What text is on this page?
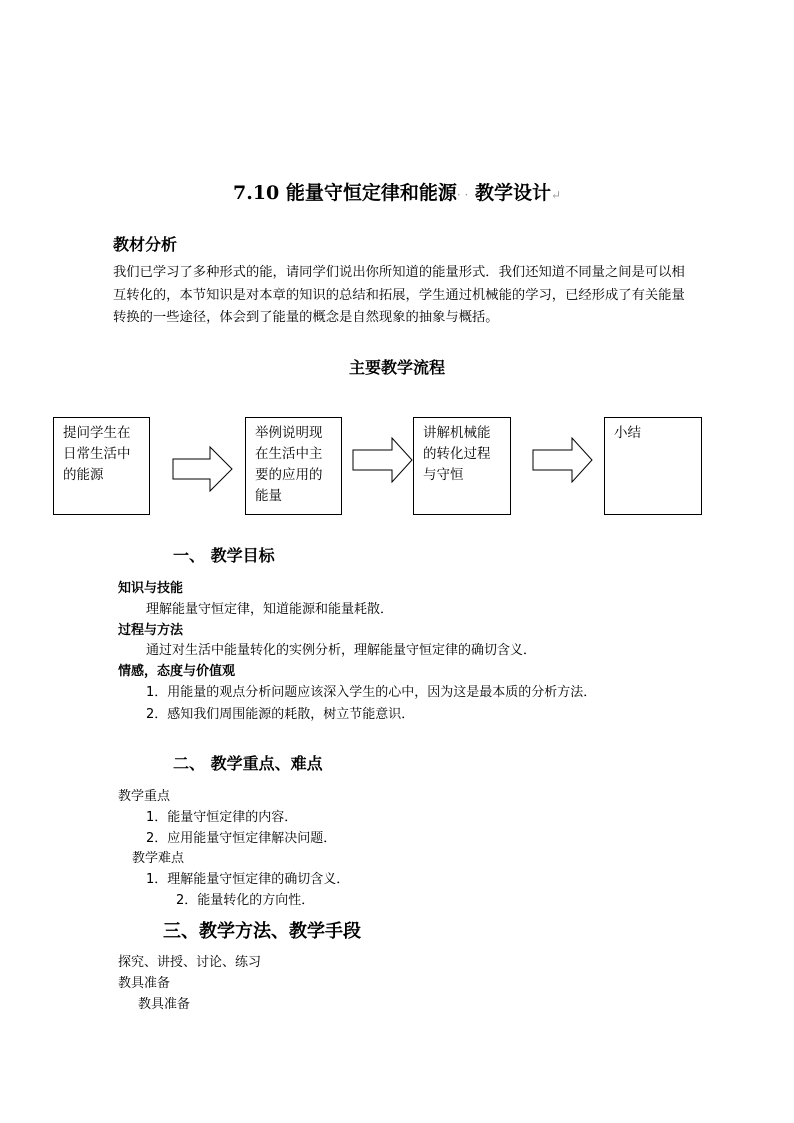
7.10 能量守恒定律和能源· · 教学设计↵
教材分析
我们已学习了多种形式的能，请同学们说出你所知道的能量形式．我们还知道不同量之间是可以相互转化的，本节知识是对本章的知识的总结和拓展，学生通过机械能的学习，已经形成了有关能量转换的一些途径，体会到了能量的概念是自然现象的抽象与概括。
主要教学流程
提问学生在
日常生活中
的能源
举例说明现
在生活中主
要的应用的
能量
讲解机械能
的转化过程
与守恒
小结
一、 教学目标
知识与技能
理解能量守恒定律，知道能源和能量耗散．
过程与方法
通过对生活中能量转化的实例分析，理解能量守恒定律的确切含义．
情感，态度与价值观
1．用能量的观点分析问题应该深入学生的心中，因为这是最本质的分析方法．
2．感知我们周围能源的耗散，树立节能意识．
二、 教学重点、难点
教学重点
1．能量守恒定律的内容．
2．应用能量守恒定律解决问题．
教学难点
1．理解能量守恒定律的确切含义．
2．能量转化的方向性．
三、教学方法、教学手段
探究、讲授、讨论、练习
教具准备
教具准备
